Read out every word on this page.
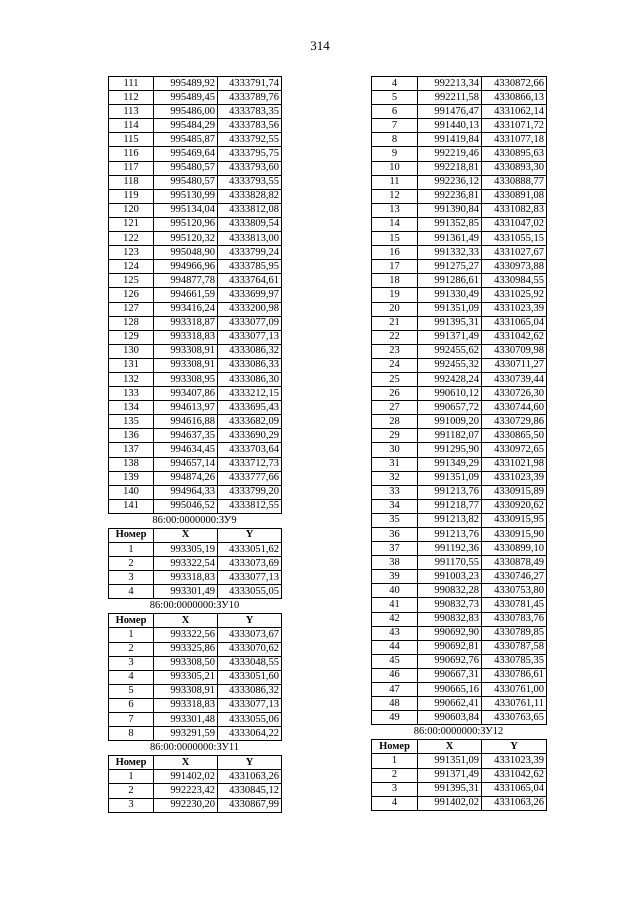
314
111	995489,92	4333791,74
112	995489,45	4333789,76
113	995486,00	4333783,35
114	995484,29	4333783,56
115	995485,87	4333792,55
116	995469,64	4333795,75
117	995480,57	4333793,60
118	995480,57	4333793,55
119	995130,99	4333828,82
120	995134,04	4333812,08
121	995120,96	4333809,54
122	995120,32	4333813,00
123	995048,90	4333799,24
124	994966,96	4333785,95
125	994877,78	4333764,61
126	994661,59	4333699,97
127	993416,24	4333200,98
128	993318,87	4333077,09
129	993318,83	4333077,13
130	993308,91	4333086,32
131	993308,91	4333086,33
132	993308,95	4333086,30
133	993407,86	4333212,15
134	994613,97	4333695,43
135	994616,88	4333682,09
136	994637,35	4333690,29
137	994634,45	4333703,64
138	994657,14	4333712,73
139	994874,26	4333777,66
140	994964,33	4333799,20
141	995046,52	4333812,55
86:00:0000000:ЗУ9
Номер	X	Y
1	993305,19	4333051,62
2	993322,54	4333073,69
3	993318,83	4333077,13
4	993301,49	4333055,05
86:00:0000000:ЗУ10
Номер	X	Y
1	993322,56	4333073,67
2	993325,86	4333070,62
3	993308,50	4333048,55
4	993305,21	4333051,60
5	993308,91	4333086,32
6	993318,83	4333077,13
7	993301,48	4333055,06
8	993291,59	4333064,22
86:00:0000000:ЗУ11
Номер	X	Y
1	991402,02	4331063,26
2	992223,42	4330845,12
3	992230,20	4330867,99
4	992213,34	4330872,66
5	992211,58	4330866,13
6	991476,47	4331062,14
7	991440,13	4331071,72
8	991419,84	4331077,18
9	992219,46	4330895,63
10	992218,81	4330893,30
11	992236,12	4330888,77
12	992236,81	4330891,08
13	991390,84	4331082,83
14	991352,85	4331047,02
15	991361,49	4331055,15
16	991332,33	4331027,67
17	991275,27	4330973,88
18	991286,61	4330984,55
19	991330,49	4331025,92
20	991351,09	4331023,39
21	991395,31	4331065,04
22	991371,49	4331042,62
23	992455,62	4330709,98
24	992455,32	4330711,27
25	992428,24	4330739,44
26	990610,12	4330726,30
27	990657,72	4330744,60
28	991009,20	4330729,86
29	991182,07	4330865,50
30	991295,90	4330972,65
31	991349,29	4331021,98
32	991351,09	4331023,39
33	991213,76	4330915,89
34	991218,77	4330920,62
35	991213,82	4330915,95
36	991213,76	4330915,90
37	991192,36	4330899,10
38	991170,55	4330878,49
39	991003,23	4330746,27
40	990832,28	4330753,80
41	990832,73	4330781,45
42	990832,83	4330783,76
43	990692,90	4330789,85
44	990692,81	4330787,58
45	990692,76	4330785,35
46	990667,31	4330786,61
47	990665,16	4330761,00
48	990662,41	4330761,11
49	990603,84	4330763,65
86:00:0000000:ЗУ12
Номер	X	Y
1	991351,09	4331023,39
2	991371,49	4331042,62
3	991395,31	4331065,04
4	991402,02	4331063,26
